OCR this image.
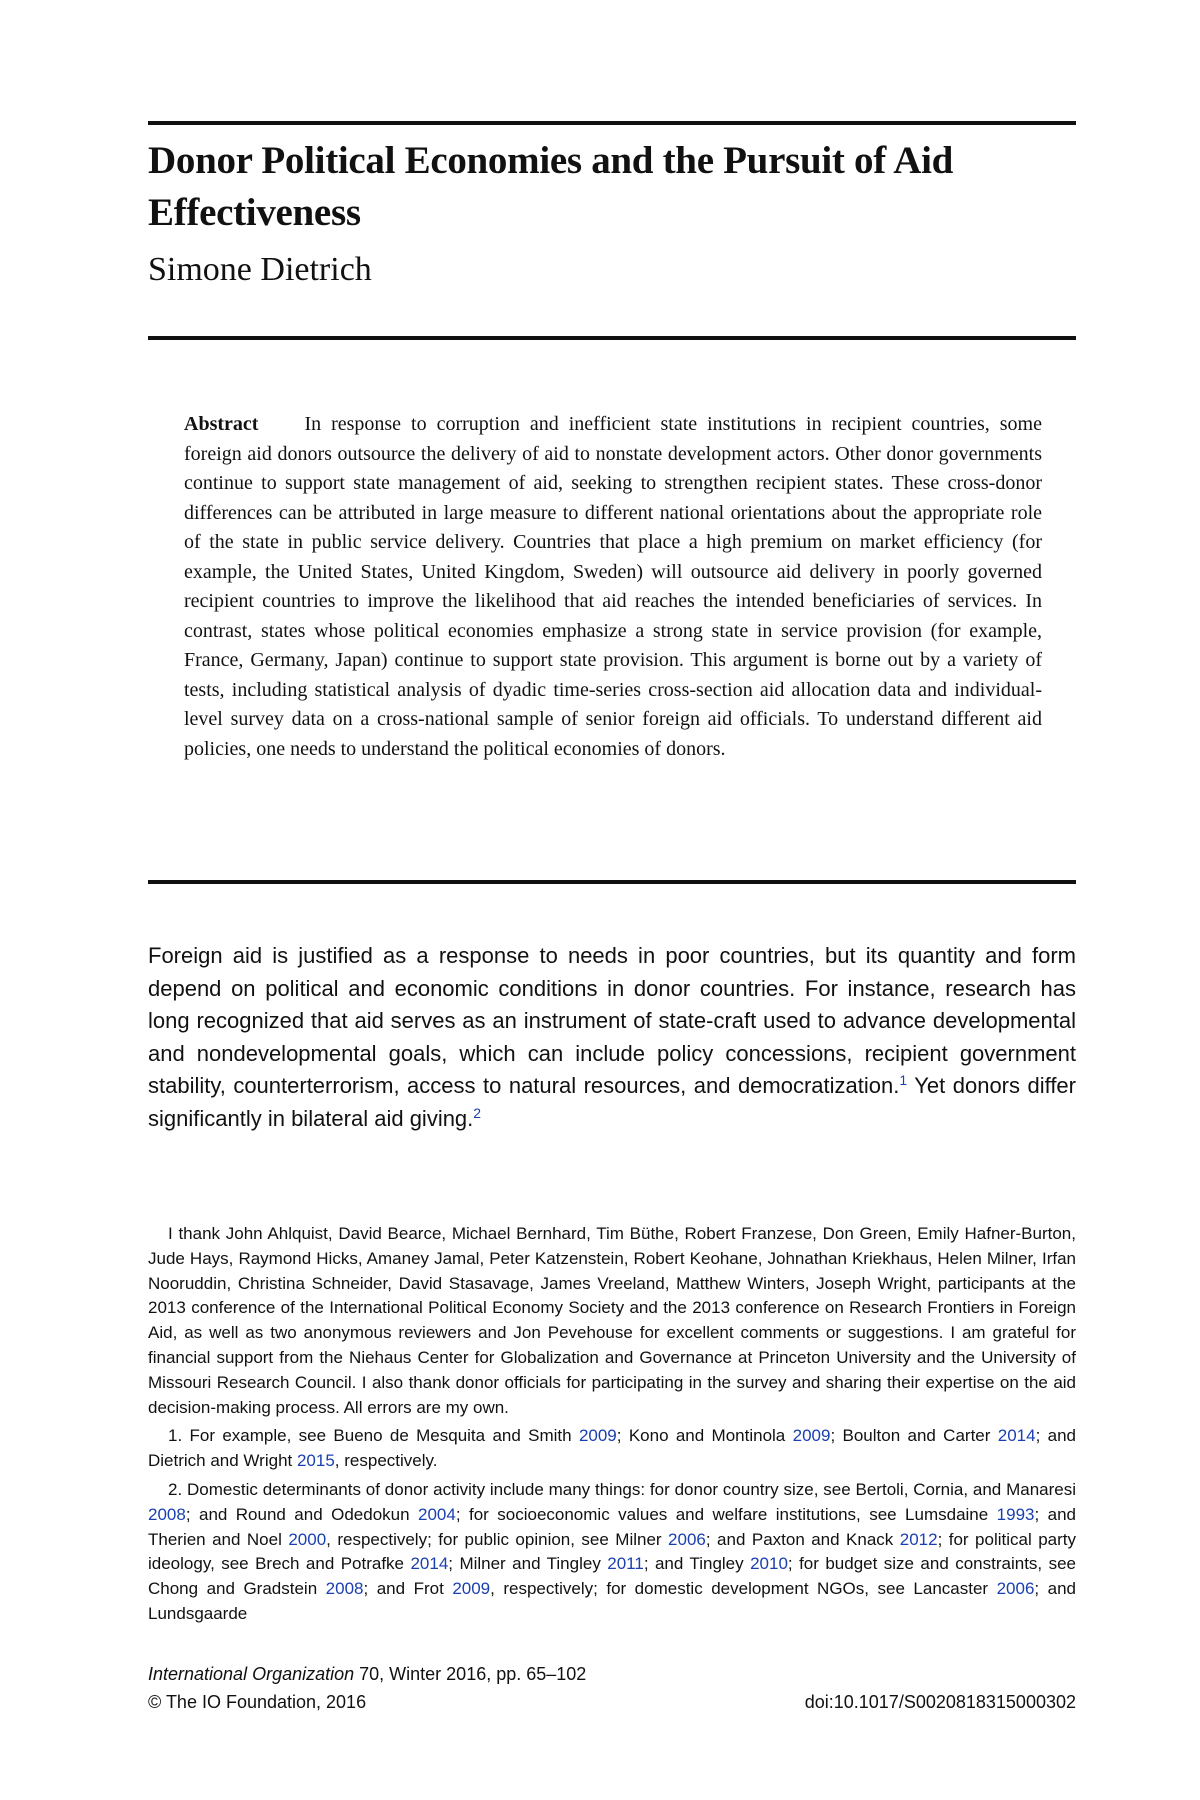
Donor Political Economies and the Pursuit of Aid Effectiveness

Simone Dietrich

Abstract In response to corruption and inefficient state institutions in recipient countries, some foreign aid donors outsource the delivery of aid to nonstate development actors. Other donor governments continue to support state management of aid, seeking to strengthen recipient states. These cross-donor differences can be attributed in large measure to different national orientations about the appropriate role of the state in public service delivery. Countries that place a high premium on market efficiency (for example, the United States, United Kingdom, Sweden) will outsource aid delivery in poorly governed recipient countries to improve the likelihood that aid reaches the intended beneficiaries of services. In contrast, states whose political economies emphasize a strong state in service provision (for example, France, Germany, Japan) continue to support state provision. This argument is borne out by a variety of tests, including statistical analysis of dyadic time-series cross-section aid allocation data and individual-level survey data on a cross-national sample of senior foreign aid officials. To understand different aid policies, one needs to understand the political economies of donors.

Foreign aid is justified as a response to needs in poor countries, but its quantity and form depend on political and economic conditions in donor countries. For instance, research has long recognized that aid serves as an instrument of state-craft used to advance developmental and nondevelopmental goals, which can include policy concessions, recipient government stability, counterterrorism, access to natural resources, and democratization.$^1$ Yet donors differ significantly in bilateral aid giving.$^2$

I thank John Ahlquist, David Bearce, Michael Bernhard, Tim Büthe, Robert Franzese, Don Green, Emily Hafner-Burton, Jude Hays, Raymond Hicks, Amaney Jamal, Peter Katzenstein, Robert Keohane, Johnathan Kriekhaus, Helen Milner, Irfan Nooruddin, Christina Schneider, David Stasavage, James Vreeland, Matthew Winters, Joseph Wright, participants at the 2013 conference of the International Political Economy Society and the 2013 conference on Research Frontiers in Foreign Aid, as well as two anonymous reviewers and Jon Pevehouse for excellent comments or suggestions. I am grateful for financial support from the Niehaus Center for Globalization and Governance at Princeton University and the University of Missouri Research Council. I also thank donor officials for participating in the survey and sharing their expertise on the aid decision-making process. All errors are my own.

1. For example, see Bueno de Mesquita and Smith 2009; Kono and Montinola 2009; Boulton and Carter 2014; and Dietrich and Wright 2015, respectively.

2. Domestic determinants of donor activity include many things: for donor country size, see Bertoli, Cornia, and Manaresi 2008; and Round and Odedokun 2004; for socioeconomic values and welfare institutions, see Lumsdaine 1993; and Therien and Noel 2000, respectively; for public opinion, see Milner 2006; and Paxton and Knack 2012; for political party ideology, see Brech and Potrafke 2014; Milner and Tingley 2011; and Tingley 2010; for budget size and constraints, see Chong and Gradstein 2008; and Frot 2009, respectively; for domestic development NGOs, see Lancaster 2006; and Lundsgaarde

International Organization 70, Winter 2016, pp. 65–102
© The IO Foundation, 2016	doi:10.1017/S0020818315000302
